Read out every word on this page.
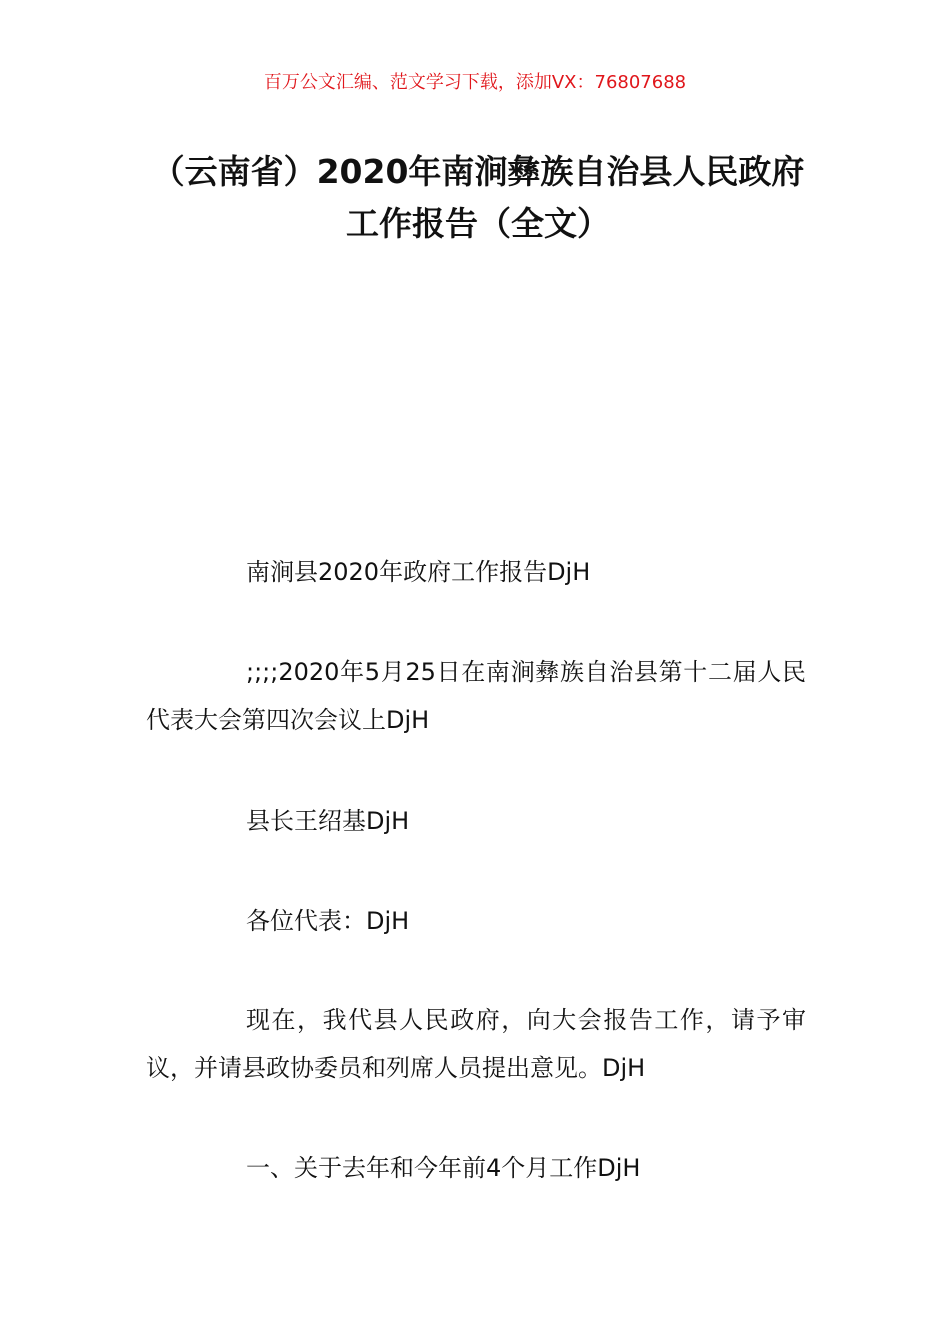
百万公文汇编、范文学习下载，添加VX：76807688
（云南省）2020年南涧彝族自治县人民政府工作报告（全文）
南涧县2020年政府工作报告DjH
;;;;2020年5月25日在南涧彝族自治县第十二届人民代表大会第四次会议上DjH
县长王绍基DjH
各位代表：DjH
现在，我代县人民政府，向大会报告工作，请予审议，并请县政协委员和列席人员提出意见。DjH
一、关于去年和今年前4个月工作DjH
